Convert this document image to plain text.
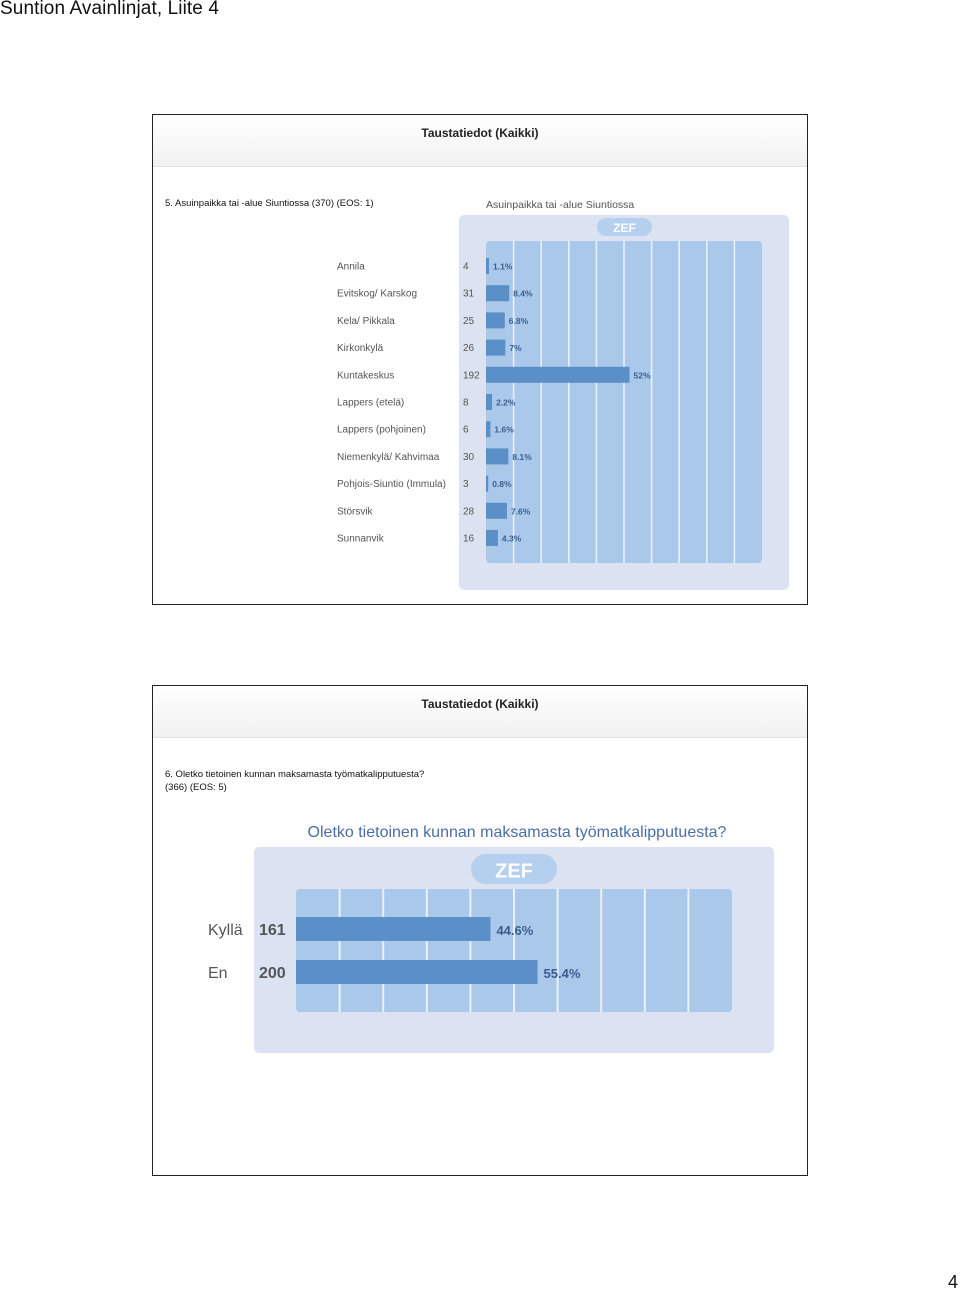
Suntion Avainlinjat, Liite 4
Taustatiedot (Kaikki)
5. Asuinpaikka tai -alue Siuntiossa (370) (EOS: 1)	Asuinpaikka tai -alue Siuntiossa
ZEF
Annila	4	1.1%
Evitskog/ Karskog	31	8.4%
Kela/ Pikkala	25	6.8%
Kirkonkylä	26	7%
Kuntakeskus	192	52%
Lappers (etelä)	8	2.2%
Lappers (pohjoinen)	6	1.6%
Niemenkylä/ Kahvimaa 30	8.1%
Pohjois-Siuntio (Immula) 3	0.8%
Störsvik	28	7.6%
Sunnanvik	16	4.3%
Taustatiedot (Kaikki)
6. Oletko tietoinen kunnan maksamasta työmatkalipputuesta?
(366) (EOS: 5)
Oletko tietoinen kunnan maksamasta työmatkalipputuesta?
ZEF
Kyllä 161	44.6%
En 200	55.4%
4
